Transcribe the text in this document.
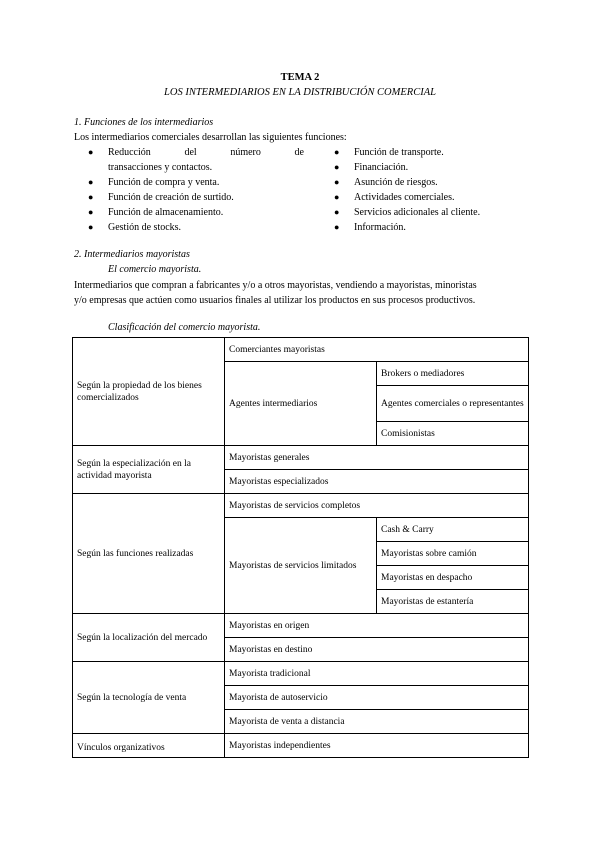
TEMA 2
LOS INTERMEDIARIOS EN LA DISTRIBUCIÓN COMERCIAL
1. Funciones de los intermediarios
Los intermediarios comerciales desarrollan las siguientes funciones:
● Reducción	del	número	de
transacciones y contactos.
● Función de compra y venta.
● Función de creación de surtido.
● Función de almacenamiento.
● Gestión de stocks.
● Función de transporte.
● Financiación.
● Asunción de riesgos.
● Actividades comerciales.
● Servicios adicionales al cliente.
● Información.
2. Intermediarios mayoristas
El comercio mayorista.
Intermediarios que compran a fabricantes y/o a otros mayoristas, vendiendo a mayoristas, minoristas
y/o empresas que actúen como usuarios finales al utilizar los productos en sus procesos productivos.
Clasificación del comercio mayorista.
Según la propiedad de los bienes comercializados	Comerciantes mayoristas	
	Agentes intermediarios	Brokers o mediadores
		Agentes comerciales o representantes
		Comisionistas
Según la especialización en la actividad mayorista	Mayoristas generales	
	Mayoristas especializados	
Según las funciones realizadas	Mayoristas de servicios completos	
	Mayoristas de servicios limitados	Cash & Carry
		Mayoristas sobre camión
		Mayoristas en despacho
		Mayoristas de estantería
Según la localización del mercado	Mayoristas en origen	
	Mayoristas en destino	
Según la tecnología de venta	Mayorista tradicional	
	Mayorista de autoservicio	
	Mayorista de venta a distancia	
Vínculos organizativos	Mayoristas independientes	
